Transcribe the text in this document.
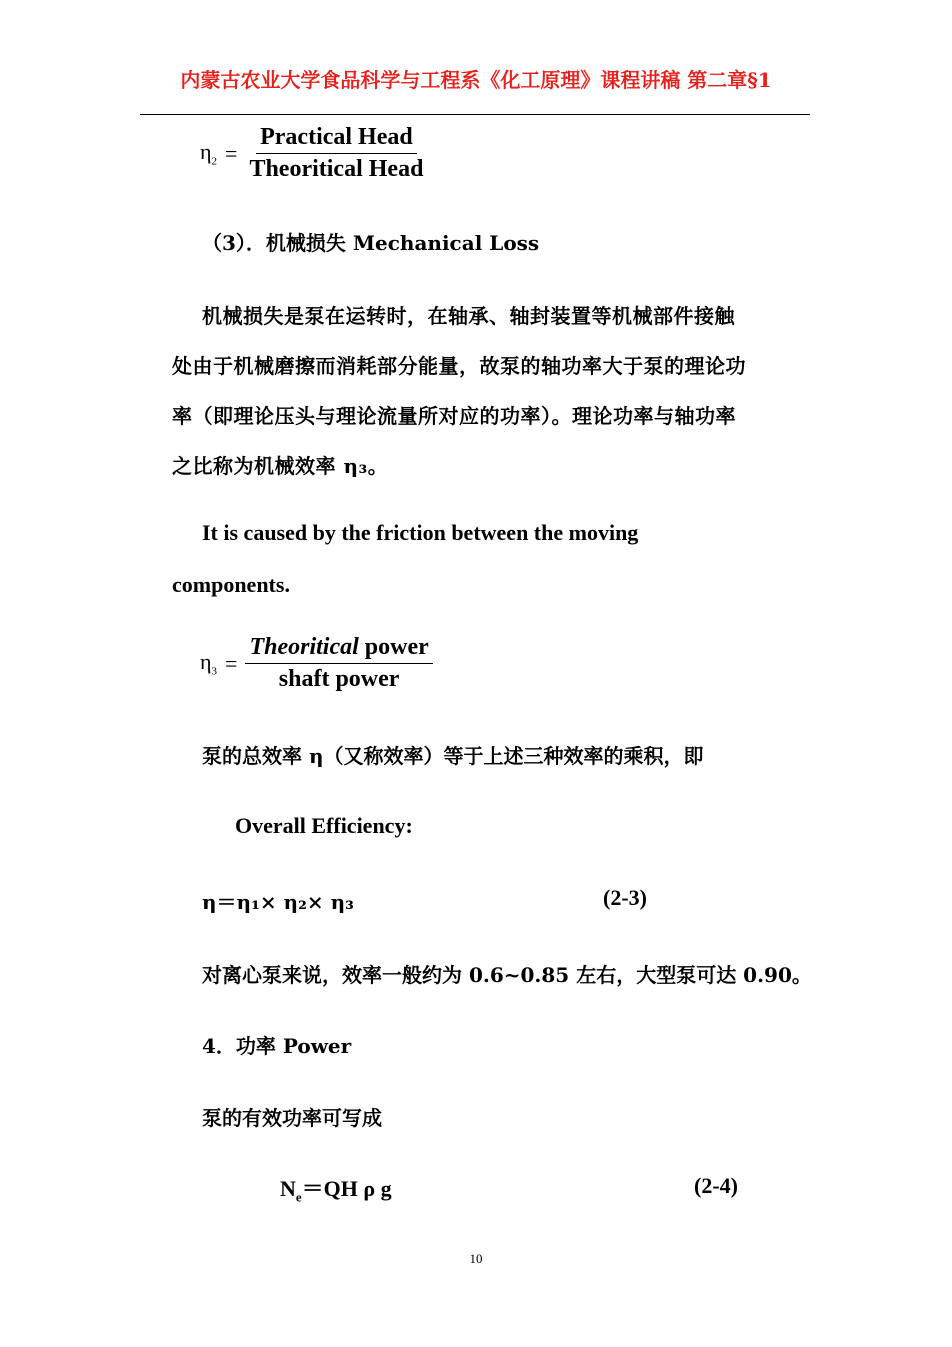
内蒙古农业大学食品科学与工程系《化工原理》课程讲稿 第二章§1
$\eta_2 = \frac{\text{Practical Head}}{\text{Theoritical Head}}$
（3）．机械损失 Mechanical Loss
机械损失是泵在运转时，在轴承、轴封装置等机械部件接触
处由于机械磨擦而消耗部分能量，故泵的轴功率大于泵的理论功
率（即理论压头与理论流量所对应的功率）。理论功率与轴功率
之比称为机械效率 η₃。
It is caused by the friction between the moving
components.
$\eta_3 = \frac{\text{Theoritical power}}{\text{shaft power}}$
泵的总效率 η（又称效率）等于上述三种效率的乘积，即
Overall Efficiency:
η＝η₁× η₂× η₃	(2-3)
对离心泵来说，效率一般约为 0.6~0.85 左右，大型泵可达 0.90。
4．功率 Power
泵的有效功率可写成
$N_e=QH$ ρ g	(2-4)
10
